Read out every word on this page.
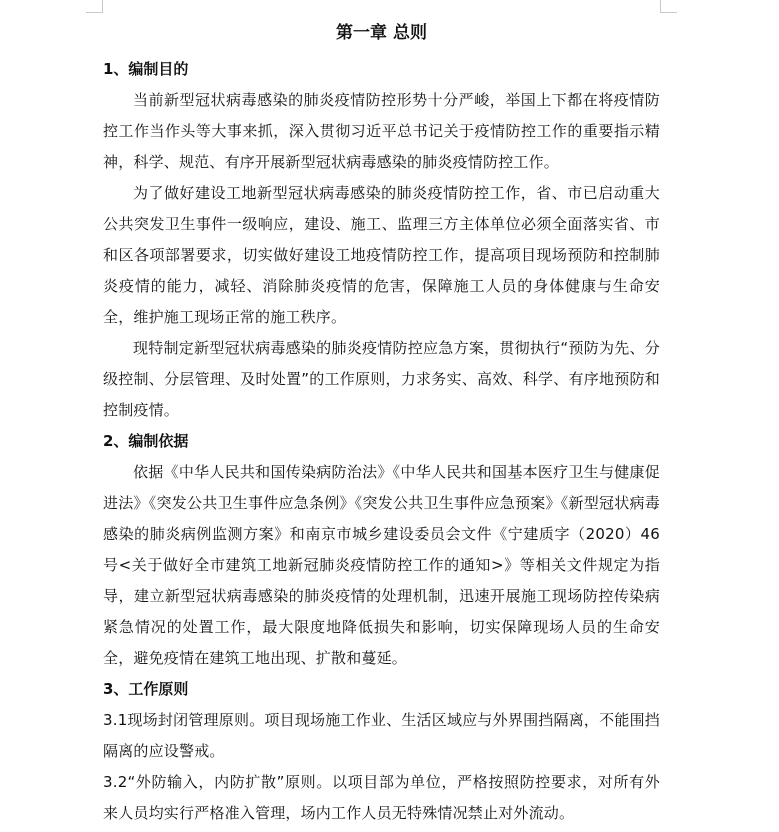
第一章 总则

1、编制目的

当前新型冠状病毒感染的肺炎疫情防控形势十分严峻，举国上下都在将疫情防控工作当作头等大事来抓，深入贯彻习近平总书记关于疫情防控工作的重要指示精神，科学、规范、有序开展新型冠状病毒感染的肺炎疫情防控工作。

为了做好建设工地新型冠状病毒感染的肺炎疫情防控工作，省、市已启动重大公共突发卫生事件一级响应，建设、施工、监理三方主体单位必须全面落实省、市和区各项部署要求，切实做好建设工地疫情防控工作，提高项目现场预防和控制肺炎疫情的能力，减轻、消除肺炎疫情的危害，保障施工人员的身体健康与生命安全，维护施工现场正常的施工秩序。

现特制定新型冠状病毒感染的肺炎疫情防控应急方案，贯彻执行“预防为先、分级控制、分层管理、及时处置”的工作原则，力求务实、高效、科学、有序地预防和控制疫情。

2、编制依据

依据《中华人民共和国传染病防治法》《中华人民共和国基本医疗卫生与健康促进法》《突发公共卫生事件应急条例》《突发公共卫生事件应急预案》《新型冠状病毒感染的肺炎病例监测方案》和南京市城乡建设委员会文件《宁建质字（2020）46号<关于做好全市建筑工地新冠肺炎疫情防控工作的通知>》等相关文件规定为指导，建立新型冠状病毒感染的肺炎疫情的处理机制，迅速开展施工现场防控传染病紧急情况的处置工作，最大限度地降低损失和影响，切实保障现场人员的生命安全，避免疫情在建筑工地出现、扩散和蔓延。

3、工作原则

3.1现场封闭管理原则。项目现场施工作业、生活区域应与外界围挡隔离，不能围挡隔离的应设警戒。

3.2“外防输入，内防扩散”原则。以项目部为单位，严格按照防控要求，对所有外来人员均实行严格准入管理，场内工作人员无特殊情况禁止对外流动。
